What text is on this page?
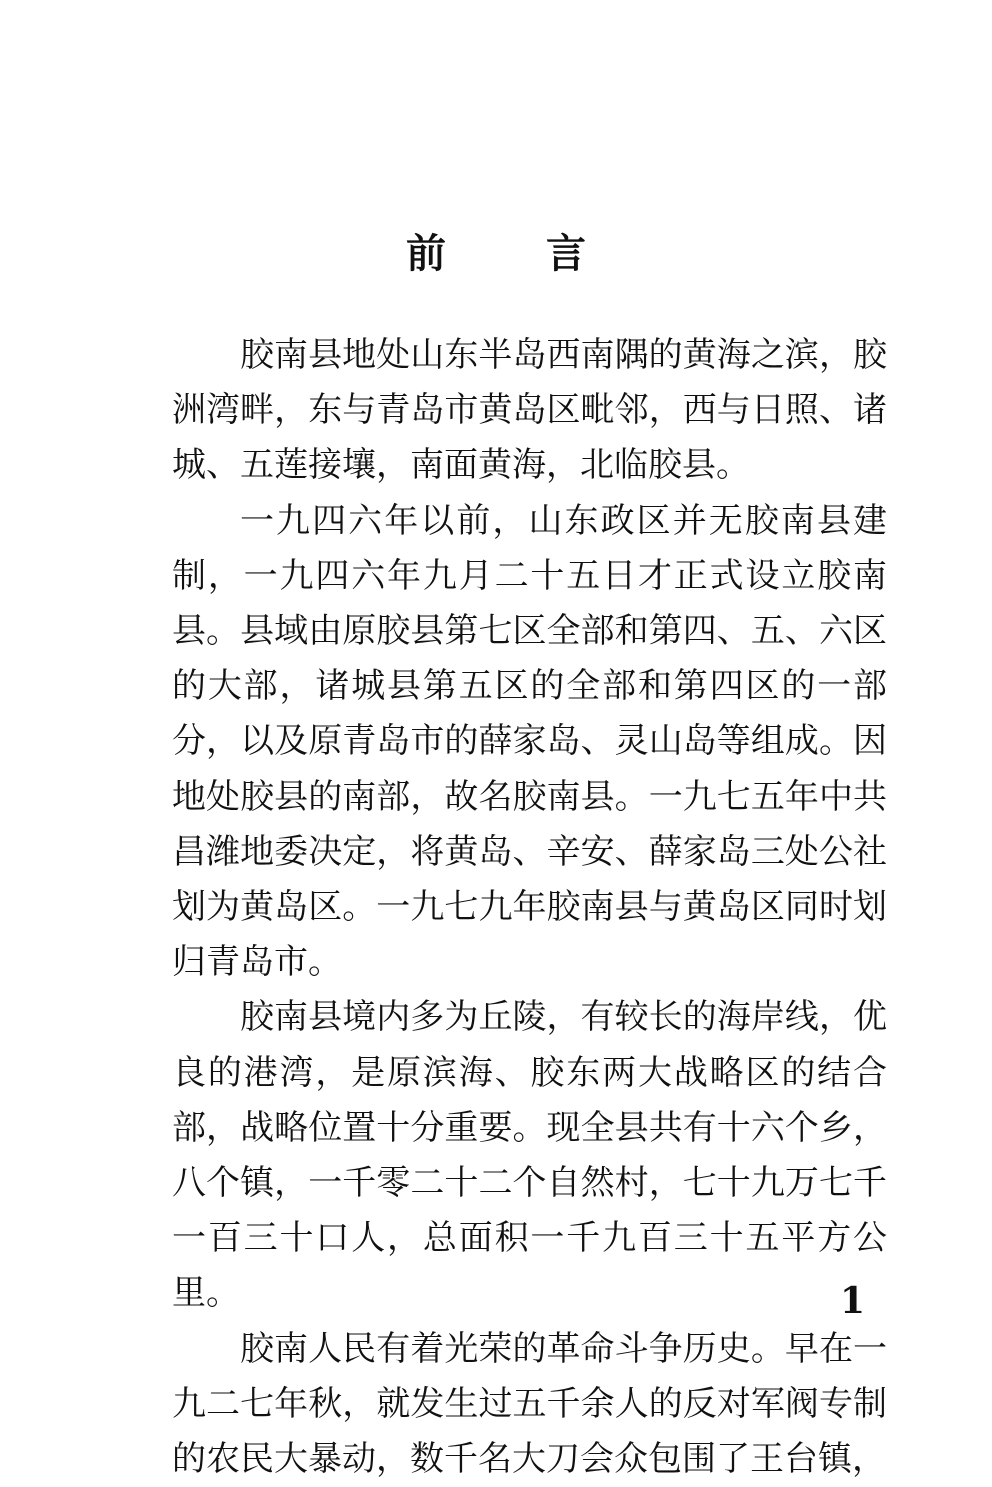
前言

胶南县地处山东半岛西南隅的黄海之滨，胶洲湾畔，东与青岛市黄岛区毗邻，西与日照、诸城、五莲接壤，南面黄海，北临胶县。

一九四六年以前，山东政区并无胶南县建制，一九四六年九月二十五日才正式设立胶南县。县域由原胶县第七区全部和第四、五、六区的大部，诸城县第五区的全部和第四区的一部分，以及原青岛市的薛家岛、灵山岛等组成。因地处胶县的南部，故名胶南县。一九七五年中共昌潍地委决定，将黄岛、辛安、薛家岛三处公社划为黄岛区。一九七九年胶南县与黄岛区同时划归青岛市。

胶南县境内多为丘陵，有较长的海岸线，优良的港湾，是原滨海、胶东两大战略区的结合部，战略位置十分重要。现全县共有十六个乡，八个镇，一千零二十二个自然村，七十九万七千一百三十口人，总面积一千九百三十五平方公里。

胶南人民有着光荣的革命斗争历史。早在一九二七年秋，就发生过五千余人的反对军阀专制的农民大暴动，数千名大刀会众包围了王台镇，

1
